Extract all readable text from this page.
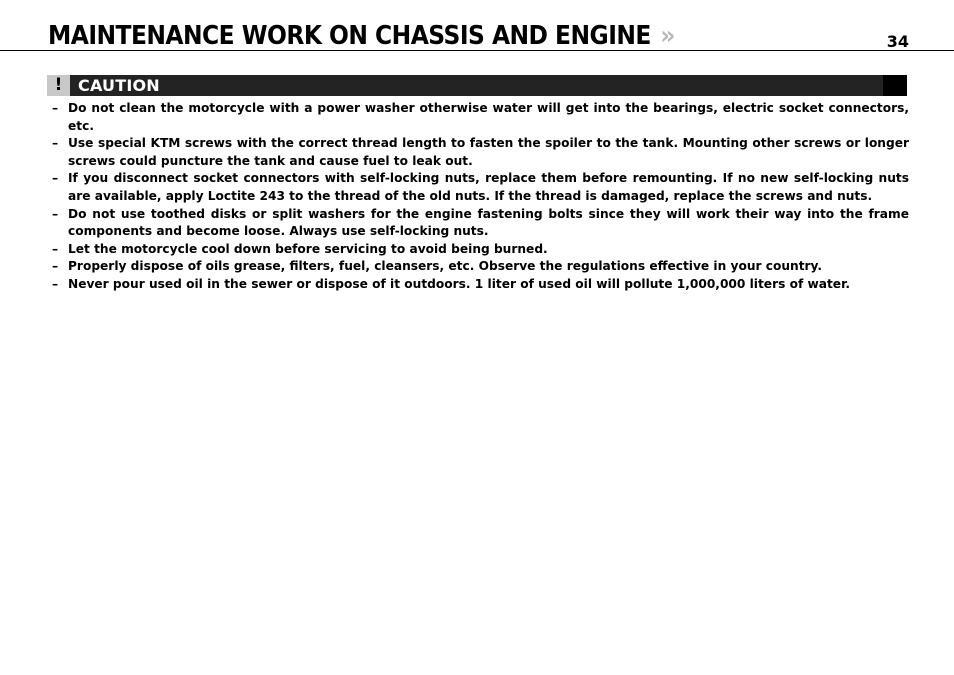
MAINTENANCE WORK ON CHASSIS AND ENGINE »	34
! CAUTION
– Do not clean the motorcycle with a power washer otherwise water will get into the bearings, electric socket connectors, etc.
– Use special KTM screws with the correct thread length to fasten the spoiler to the tank. Mounting other screws or longer screws could puncture the tank and cause fuel to leak out.
– If you disconnect socket connectors with self-locking nuts, replace them before remounting. If no new self-locking nuts are available, apply Loctite 243 to the thread of the old nuts. If the thread is damaged, replace the screws and nuts.
– Do not use toothed disks or split washers for the engine fastening bolts since they will work their way into the frame components and become loose. Always use self-locking nuts.
– Let the motorcycle cool down before servicing to avoid being burned.
– Properly dispose of oils grease, filters, fuel, cleansers, etc. Observe the regulations effective in your country.
– Never pour used oil in the sewer or dispose of it outdoors. 1 liter of used oil will pollute 1,000,000 liters of water.
